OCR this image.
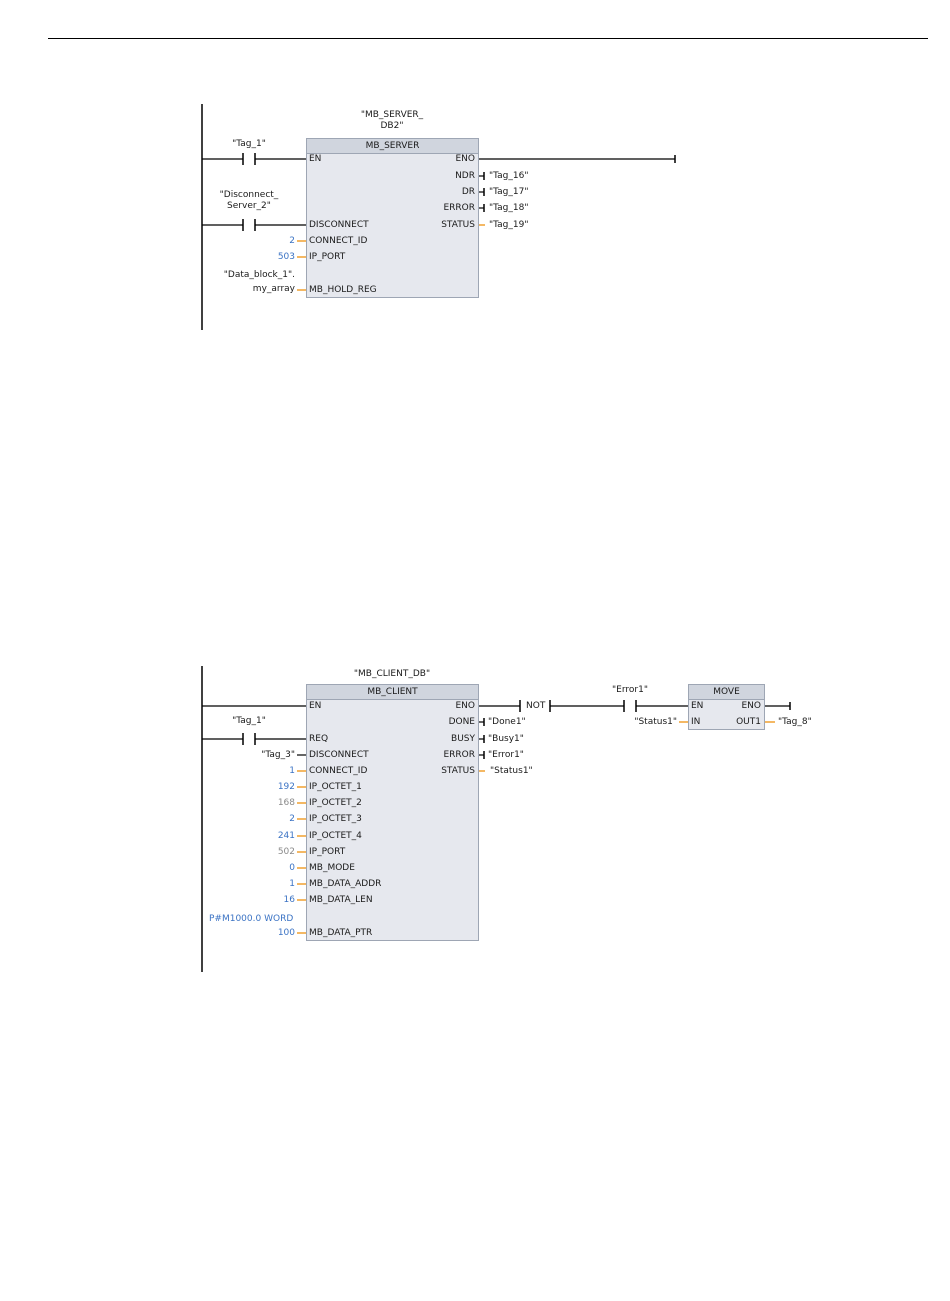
"MB_SERVER_
DB2"
MB_SERVER
EN
DISCONNECT
CONNECT_ID
IP_PORT
MB_HOLD_REG
ENO
NDR
DR
ERROR
STATUS
"Tag_1"
"Disconnect_
Server_2"
2
503
"Data_block_1".
my_array
"Tag_16"
"Tag_17"
"Tag_18"
"Tag_19"
"MB_CLIENT_DB"
MB_CLIENT
EN
REQ
DISCONNECT
CONNECT_ID
IP_OCTET_1
IP_OCTET_2
IP_OCTET_3
IP_OCTET_4
IP_PORT
MB_MODE
MB_DATA_ADDR
MB_DATA_LEN
MB_DATA_PTR
ENO
DONE
BUSY
ERROR
STATUS
"Tag_1"
"Tag_3"
1
192
168
2
241
502
0
1
16
P#M1000.0 WORD
100
"Done1"
"Busy1"
"Error1"
"Status1"
NOT
"Error1"	MOVE
EN
IN
ENO
OUT1
"Status1"	"Tag_8"
